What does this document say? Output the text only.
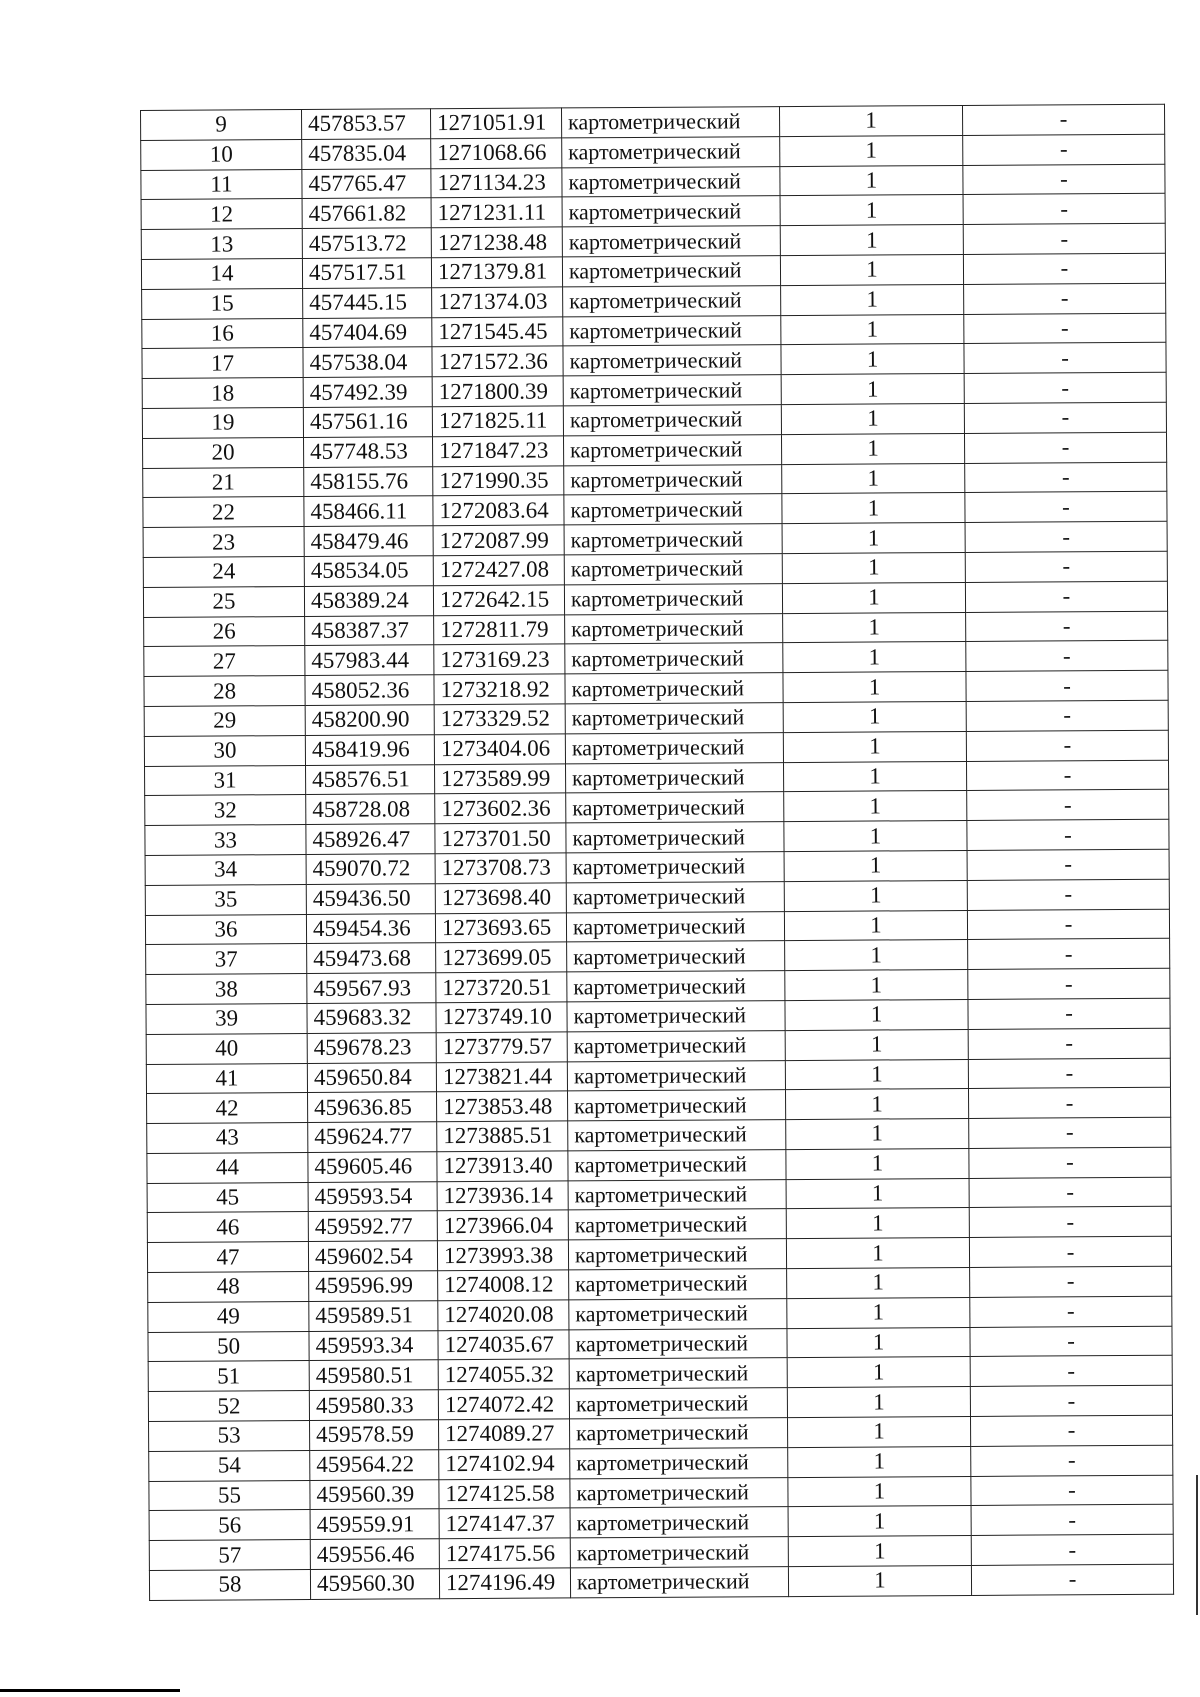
9	457853.57	1271051.91	картометрический	1	-
10	457835.04	1271068.66	картометрический	1	-
11	457765.47	1271134.23	картометрический	1	-
12	457661.82	1271231.11	картометрический	1	-
13	457513.72	1271238.48	картометрический	1	-
14	457517.51	1271379.81	картометрический	1	-
15	457445.15	1271374.03	картометрический	1	-
16	457404.69	1271545.45	картометрический	1	-
17	457538.04	1271572.36	картометрический	1	-
18	457492.39	1271800.39	картометрический	1	-
19	457561.16	1271825.11	картометрический	1	-
20	457748.53	1271847.23	картометрический	1	-
21	458155.76	1271990.35	картометрический	1	-
22	458466.11	1272083.64	картометрический	1	-
23	458479.46	1272087.99	картометрический	1	-
24	458534.05	1272427.08	картометрический	1	-
25	458389.24	1272642.15	картометрический	1	-
26	458387.37	1272811.79	картометрический	1	-
27	457983.44	1273169.23	картометрический	1	-
28	458052.36	1273218.92	картометрический	1	-
29	458200.90	1273329.52	картометрический	1	-
30	458419.96	1273404.06	картометрический	1	-
31	458576.51	1273589.99	картометрический	1	-
32	458728.08	1273602.36	картометрический	1	-
33	458926.47	1273701.50	картометрический	1	-
34	459070.72	1273708.73	картометрический	1	-
35	459436.50	1273698.40	картометрический	1	-
36	459454.36	1273693.65	картометрический	1	-
37	459473.68	1273699.05	картометрический	1	-
38	459567.93	1273720.51	картометрический	1	-
39	459683.32	1273749.10	картометрический	1	-
40	459678.23	1273779.57	картометрический	1	-
41	459650.84	1273821.44	картометрический	1	-
42	459636.85	1273853.48	картометрический	1	-
43	459624.77	1273885.51	картометрический	1	-
44	459605.46	1273913.40	картометрический	1	-
45	459593.54	1273936.14	картометрический	1	-
46	459592.77	1273966.04	картометрический	1	-
47	459602.54	1273993.38	картометрический	1	-
48	459596.99	1274008.12	картометрический	1	-
49	459589.51	1274020.08	картометрический	1	-
50	459593.34	1274035.67	картометрический	1	-
51	459580.51	1274055.32	картометрический	1	-
52	459580.33	1274072.42	картометрический	1	-
53	459578.59	1274089.27	картометрический	1	-
54	459564.22	1274102.94	картометрический	1	-
55	459560.39	1274125.58	картометрический	1	-
56	459559.91	1274147.37	картометрический	1	-
57	459556.46	1274175.56	картометрический	1	-
58	459560.30	1274196.49	картометрический	1	-
